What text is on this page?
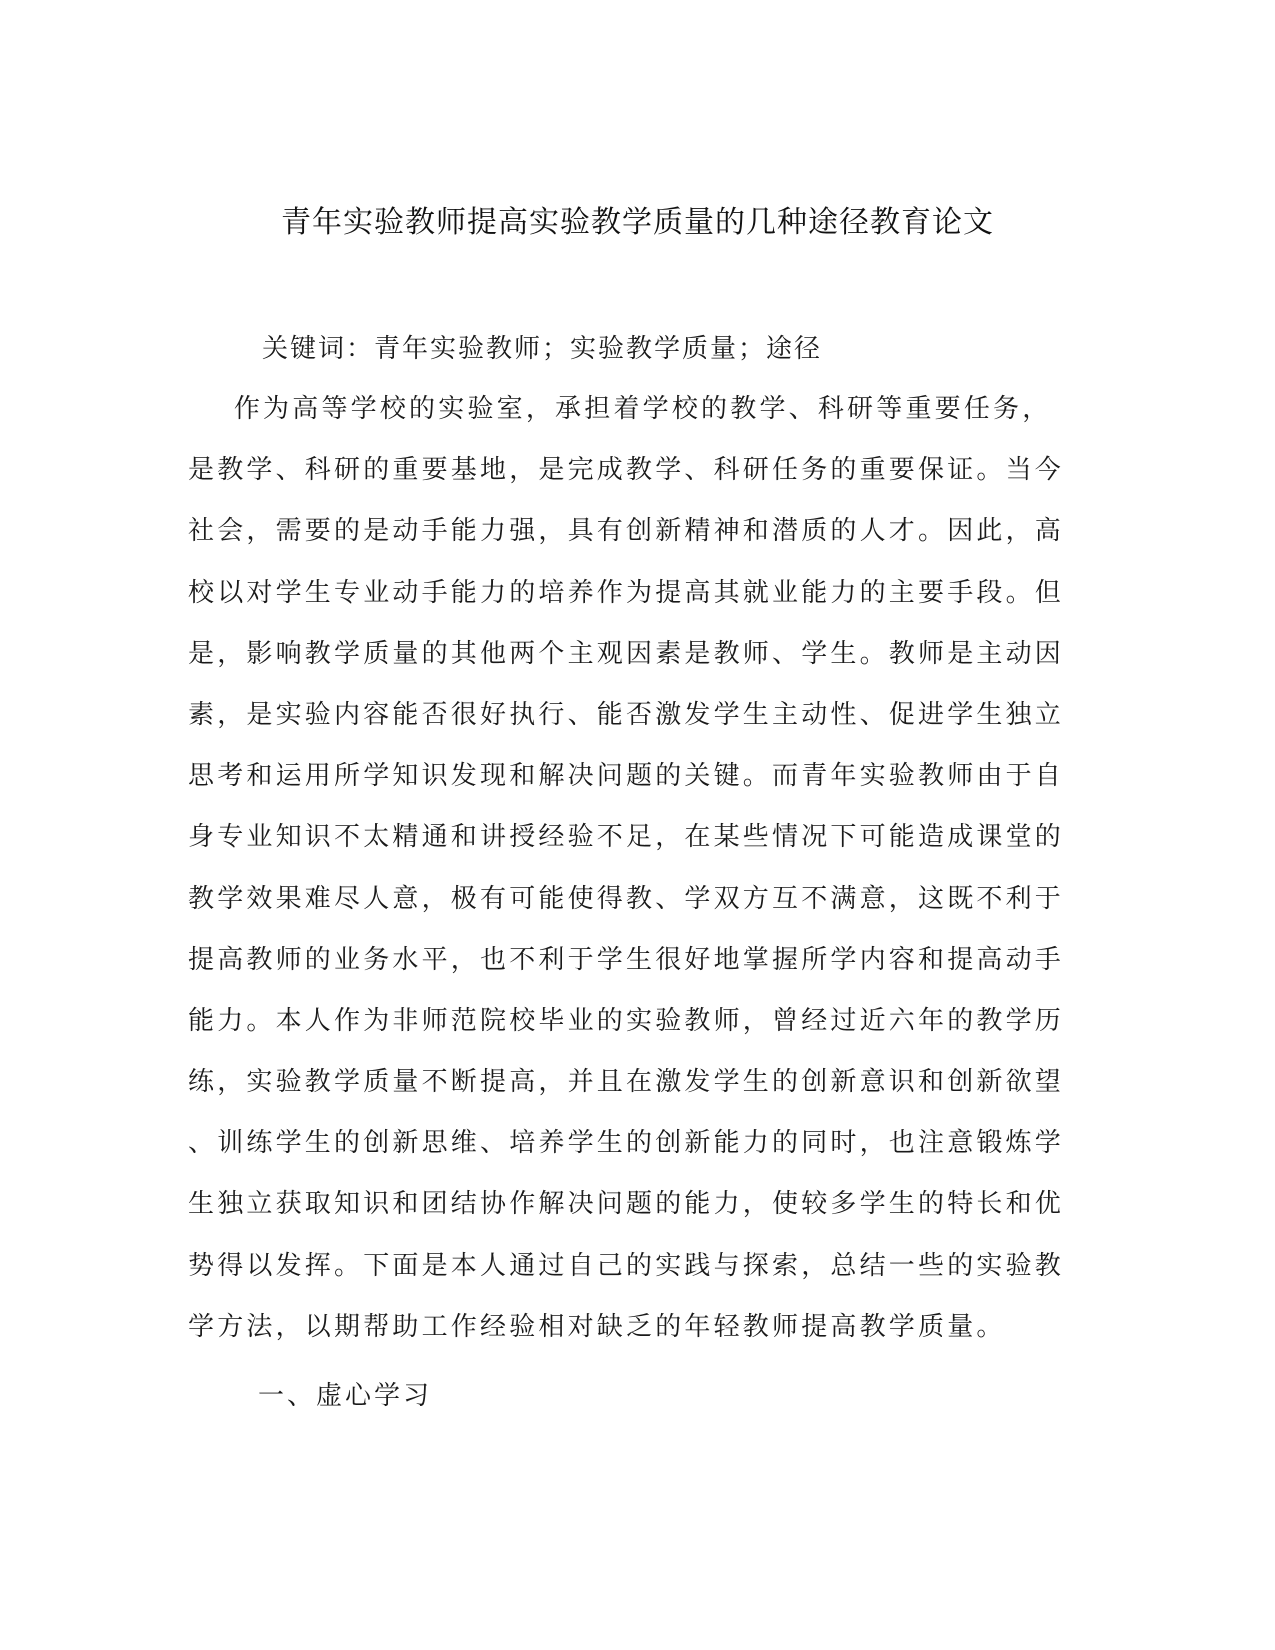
青年实验教师提高实验教学质量的几种途径教育论文
关键词：青年实验教师；实验教学质量；途径
作为高等学校的实验室，承担着学校的教学、科研等重要任务，
是教学、科研的重要基地，是完成教学、科研任务的重要保证。当今
社会，需要的是动手能力强，具有创新精神和潜质的人才。因此，高
校以对学生专业动手能力的培养作为提高其就业能力的主要手段。但
是，影响教学质量的其他两个主观因素是教师、学生。教师是主动因
素，是实验内容能否很好执行、能否激发学生主动性、促进学生独立
思考和运用所学知识发现和解决问题的关键。而青年实验教师由于自
身专业知识不太精通和讲授经验不足，在某些情况下可能造成课堂的
教学效果难尽人意，极有可能使得教、学双方互不满意，这既不利于
提高教师的业务水平，也不利于学生很好地掌握所学内容和提高动手
能力。本人作为非师范院校毕业的实验教师，曾经过近六年的教学历
练，实验教学质量不断提高，并且在激发学生的创新意识和创新欲望
、训练学生的创新思维、培养学生的创新能力的同时，也注意锻炼学
生独立获取知识和团结协作解决问题的能力，使较多学生的特长和优
势得以发挥。下面是本人通过自己的实践与探索，总结一些的实验教
学方法，以期帮助工作经验相对缺乏的年轻教师提高教学质量。
一、虚心学习
